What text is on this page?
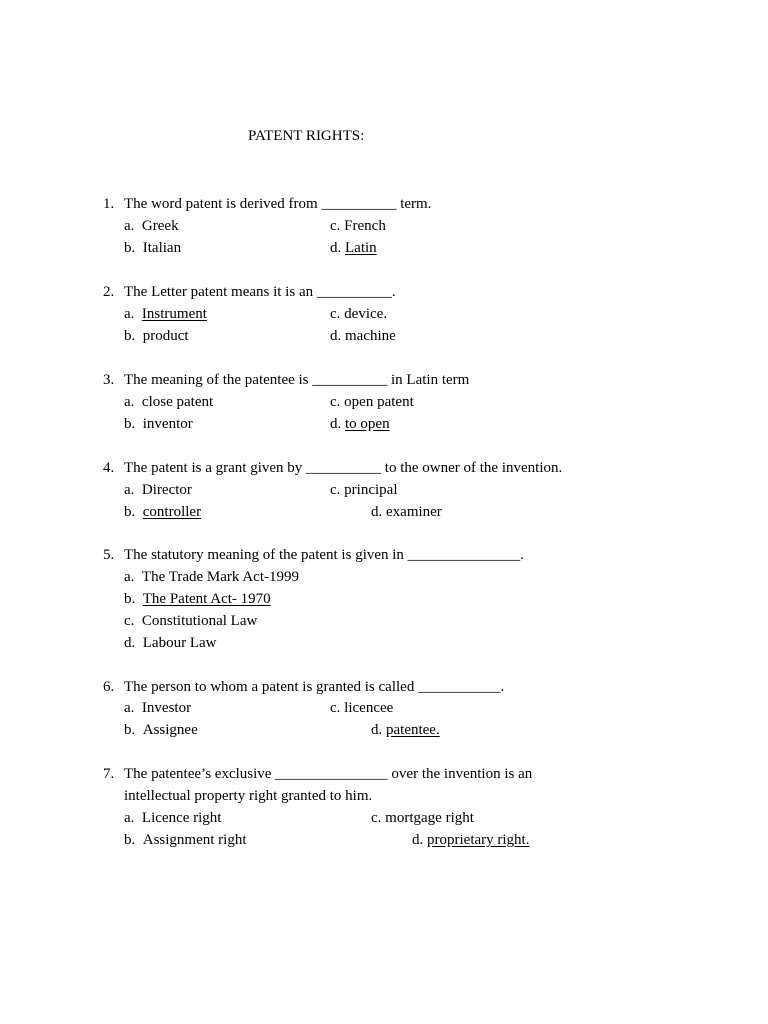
PATENT RIGHTS:
1. The word patent is derived from __________ term.
a. Greek	c. French
b. Italian	d. Latin
2. The Letter patent means it is an __________.
a. Instrument	c. device.
b. product	d. machine
3. The meaning of the patentee is __________ in Latin term
a. close patent	c. open patent
b. inventor	d. to open
4. The patent is a grant given by __________ to the owner of the invention.
a. Director	c. principal
b. controller	d. examiner
5. The statutory meaning of the patent is given in _______________.
a. The Trade Mark Act-1999
b. The Patent Act- 1970
c. Constitutional Law
d. Labour Law
6. The person to whom a patent is granted is called ___________.
a. Investor	c. licencee
b. Assignee	d. patentee.
7. The patentee’s exclusive _______________ over the invention is an
intellectual property right granted to him.
a. Licence right	c. mortgage right
b. Assignment right	d. proprietary right.
